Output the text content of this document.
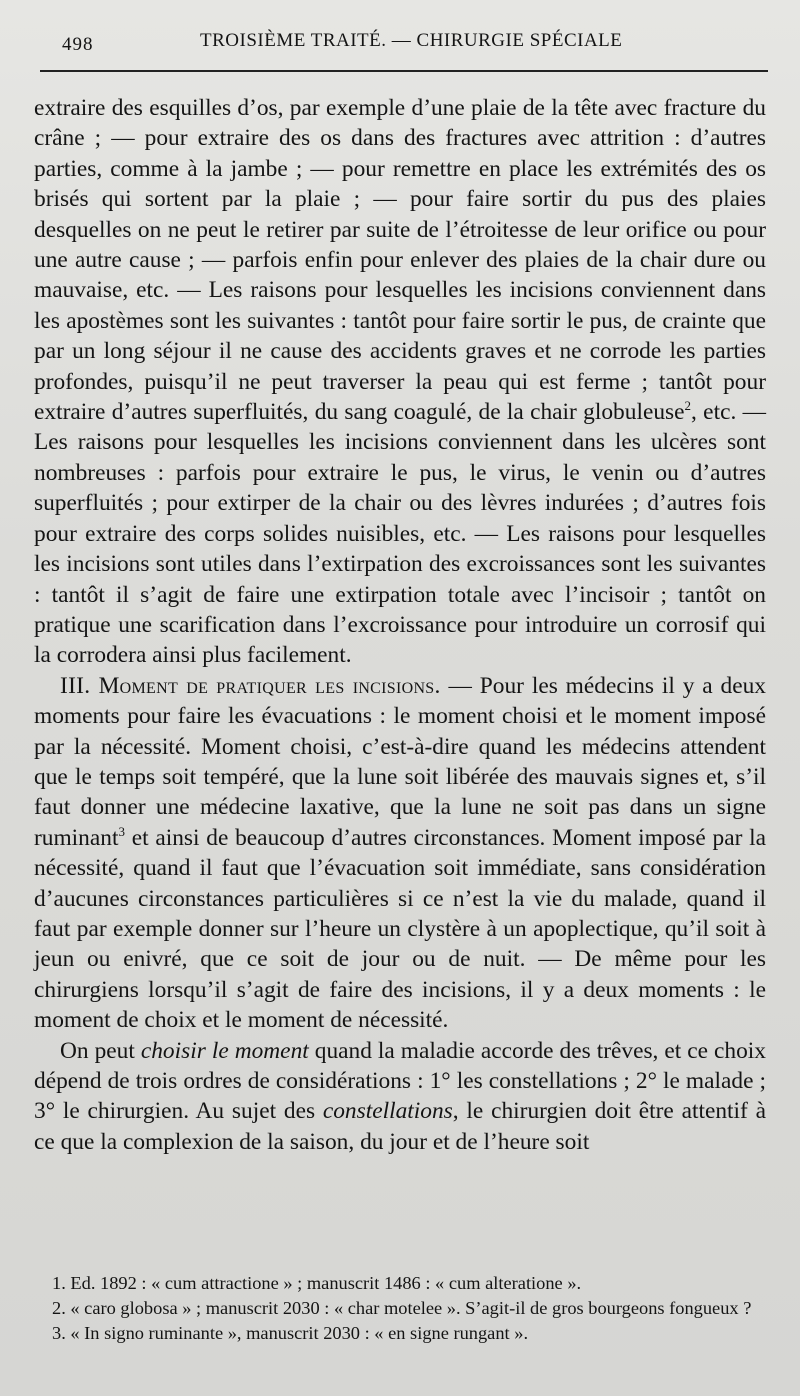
498	TROISIÈME TRAITÉ. — CHIRURGIE SPÉCIALE

extraire des esquilles d’os, par exemple d’une plaie de la tête avec fracture du crâne ; — pour extraire des os dans des fractures avec attrition : d’autres parties, comme à la jambe ; — pour remettre en place les extrémités des os brisés qui sortent par la plaie ; — pour faire sortir du pus des plaies desquelles on ne peut le retirer par suite de l’étroitesse de leur orifice ou pour une autre cause ; — parfois enfin pour enlever des plaies de la chair dure ou mauvaise, etc. — Les raisons pour lesquelles les incisions conviennent dans les apostèmes sont les suivantes : tantôt pour faire sortir le pus, de crainte que par un long séjour il ne cause des accidents graves et ne corrode les parties profondes, puisqu’il ne peut traverser la peau qui est ferme ; tantôt pour extraire d’autres superfluités, du sang coagulé, de la chair globuleuse$^2$, etc. — Les raisons pour lesquelles les incisions conviennent dans les ulcères sont nombreuses : parfois pour extraire le pus, le virus, le venin ou d’autres superfluités ; pour extirper de la chair ou des lèvres indurées ; d’autres fois pour extraire des corps solides nuisibles, etc. — Les raisons pour lesquelles les incisions sont utiles dans l’extirpation des excroissances sont les suivantes : tantôt il s’agit de faire une extirpation totale avec l’incisoir ; tantôt on pratique une scarification dans l’excroissance pour introduire un corrosif qui la corrodera ainsi plus facilement.

III. Moment de pratiquer les incisions. — Pour les médecins il y a deux moments pour faire les évacuations : le moment choisi et le moment imposé par la nécessité. Moment choisi, c’est-à-dire quand les médecins attendent que le temps soit tempéré, que la lune soit libérée des mauvais signes et, s’il faut donner une médecine laxative, que la lune ne soit pas dans un signe ruminant$^3$ et ainsi de beaucoup d’autres circonstances. Moment imposé par la nécessité, quand il faut que l’évacuation soit immédiate, sans considération d’aucunes circonstances particulières si ce n’est la vie du malade, quand il faut par exemple donner sur l’heure un clystère à un apoplectique, qu’il soit à jeun ou enivré, que ce soit de jour ou de nuit. — De même pour les chirurgiens lorsqu’il s’agit de faire des incisions, il y a deux moments : le moment de choix et le moment de nécessité.

On peut choisir le moment quand la maladie accorde des trêves, et ce choix dépend de trois ordres de considérations : 1° les constellations ; 2° le malade ; 3° le chirurgien. Au sujet des constellations, le chirurgien doit être attentif à ce que la complexion de la saison, du jour et de l’heure soit

1. Ed. 1892 : « cum attractione » ; manuscrit 1486 : « cum alteratione ».

2. « caro globosa » ; manuscrit 2030 : « char motelee ». S’agit-il de gros bourgeons fongueux ?

3. « In signo ruminante », manuscrit 2030 : « en signe rungant ».
